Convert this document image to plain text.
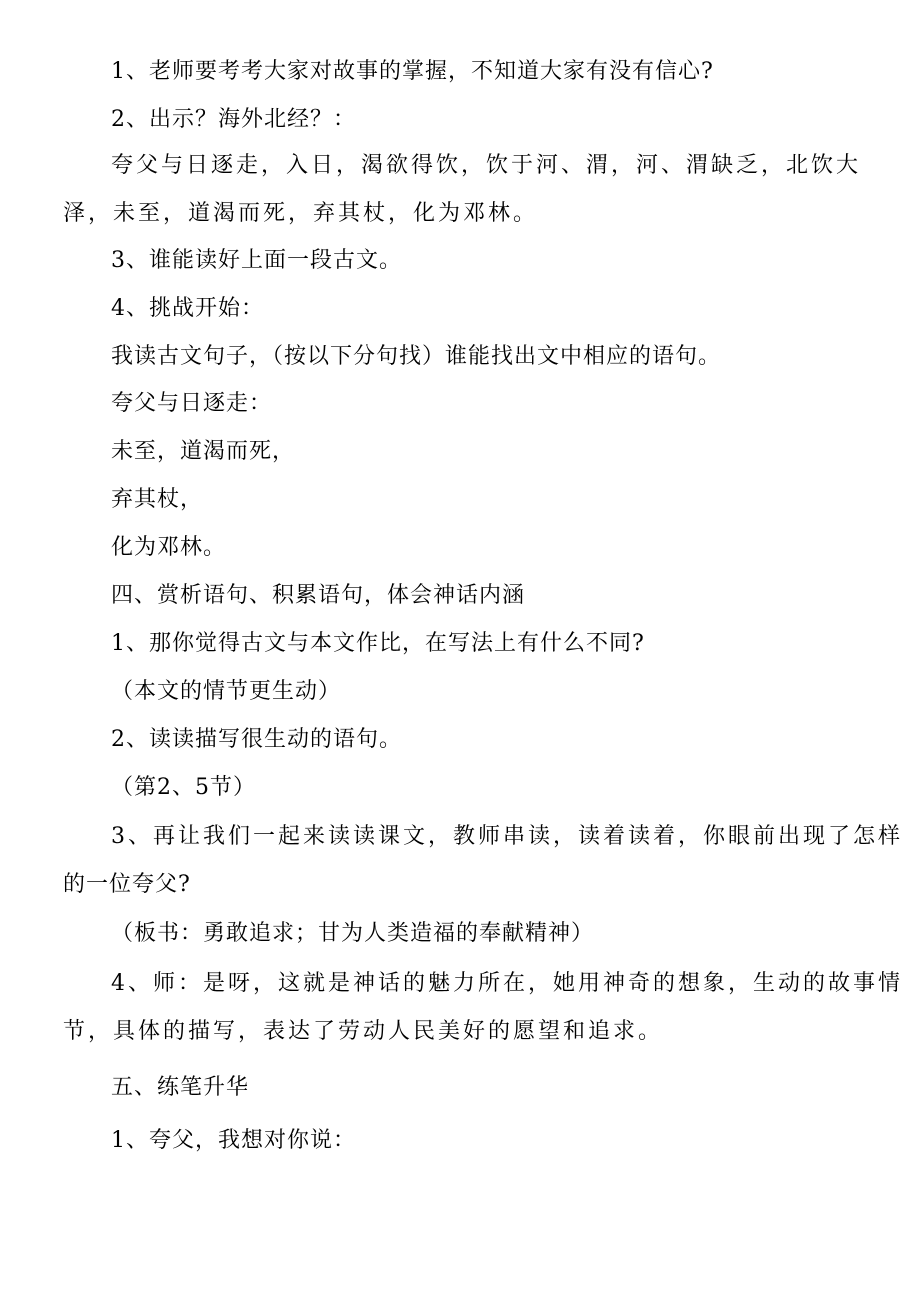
1、老师要考考大家对故事的掌握，不知道大家有没有信心?
2、出示？海外北经？：
夸父与日逐走，入日，渴欲得饮，饮于河、渭，河、渭缺乏，北饮大
泽，未至，道渴而死，弃其杖，化为邓林。
3、谁能读好上面一段古文。
4、挑战开始：
我读古文句子，（按以下分句找）谁能找出文中相应的语句。
夸父与日逐走：
未至，道渴而死，
弃其杖，
化为邓林。
四、赏析语句、积累语句，体会神话内涵
1、那你觉得古文与本文作比，在写法上有什么不同?
（本文的情节更生动）
2、读读描写很生动的语句。
（第2、5节）
3、再让我们一起来读读课文，教师串读，读着读着，你眼前出现了怎样
的一位夸父?
（板书：勇敢追求；甘为人类造福的奉献精神）
4、师：是呀，这就是神话的魅力所在，她用神奇的想象，生动的故事情
节，具体的描写，表达了劳动人民美好的愿望和追求。
五、练笔升华
1、夸父，我想对你说：
